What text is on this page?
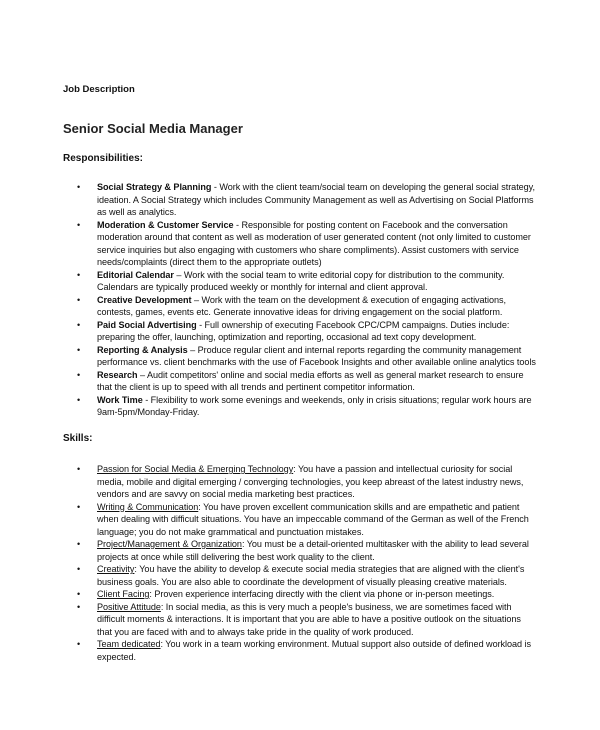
Job Description
Senior Social Media Manager
Responsibilities:
• Social Strategy & Planning - Work with the client team/social team on developing the general social strategy, ideation. A Social Strategy which includes Community Management as well as Advertising on Social Platforms as well as analytics.
• Moderation & Customer Service - Responsible for posting content on Facebook and the conversation moderation around that content as well as moderation of user generated content (not only limited to customer service inquiries but also engaging with customers who share compliments). Assist customers with service needs/complaints (direct them to the appropriate outlets)
• Editorial Calendar – Work with the social team to write editorial copy for distribution to the community. Calendars are typically produced weekly or monthly for internal and client approval.
• Creative Development – Work with the team on the development & execution of engaging activations, contests, games, events etc. Generate innovative ideas for driving engagement on the social platform.
• Paid Social Advertising - Full ownership of executing Facebook CPC/CPM campaigns. Duties include: preparing the offer, launching, optimization and reporting, occasional ad text copy development.
• Reporting & Analysis – Produce regular client and internal reports regarding the community management performance vs. client benchmarks with the use of Facebook Insights and other available online analytics tools
• Research – Audit competitors' online and social media efforts as well as general market research to ensure that the client is up to speed with all trends and pertinent competitor information.
• Work Time - Flexibility to work some evenings and weekends, only in crisis situations; regular work hours are 9am-5pm/Monday-Friday.
Skills:
• Passion for Social Media & Emerging Technology: You have a passion and intellectual curiosity for social media, mobile and digital emerging / converging technologies, you keep abreast of the latest industry news, vendors and are savvy on social media marketing best practices.
• Writing & Communication: You have proven excellent communication skills and are empathetic and patient when dealing with difficult situations. You have an impeccable command of the German as well of the French language; you do not make grammatical and punctuation mistakes.
• Project/Management & Organization: You must be a detail-oriented multitasker with the ability to lead several projects at once while still delivering the best work quality to the client.
• Creativity: You have the ability to develop & execute social media strategies that are aligned with the client's business goals. You are also able to coordinate the development of visually pleasing creative materials.
• Client Facing: Proven experience interfacing directly with the client via phone or in-person meetings.
• Positive Attitude: In social media, as this is very much a people's business, we are sometimes faced with difficult moments & interactions. It is important that you are able to have a positive outlook on the situations that you are faced with and to always take pride in the quality of work produced.
• Team dedicated: You work in a team working environment. Mutual support also outside of defined workload is expected.
